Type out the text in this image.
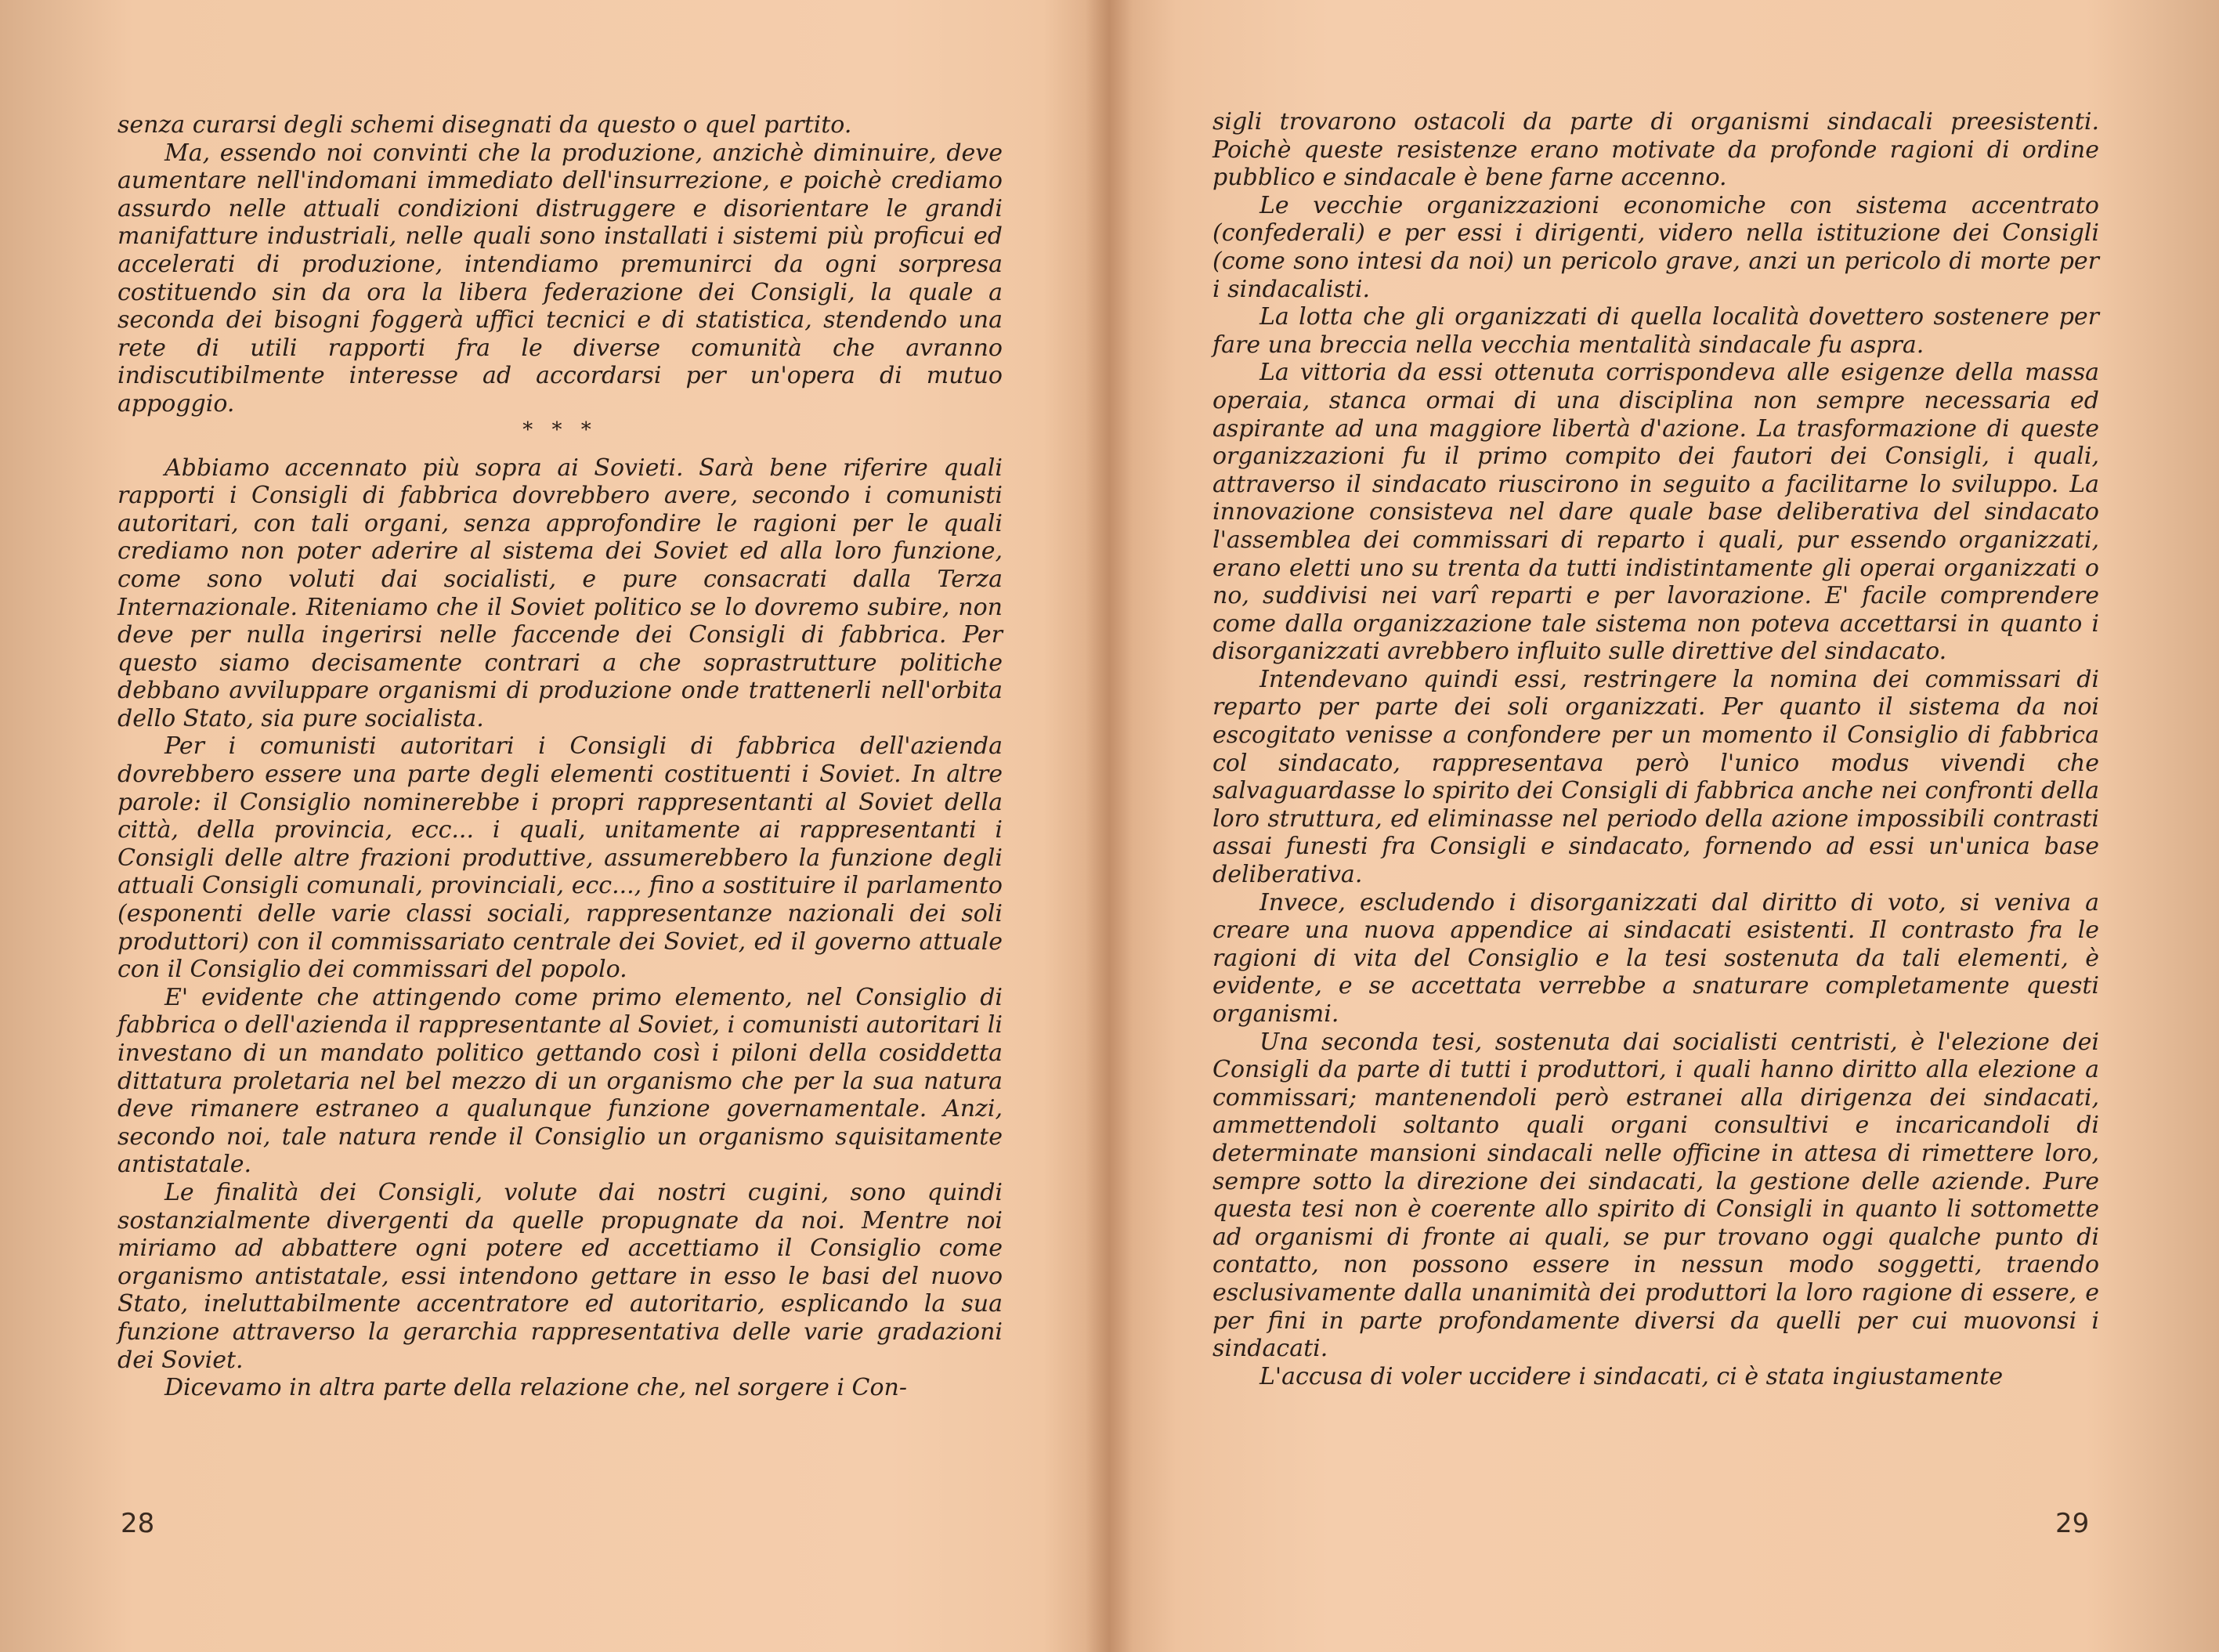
senza curarsi degli schemi disegnati da questo o quel partito.

Ma, essendo noi convinti che la produzione, anzichè diminuire, deve aumentare nell'indomani immediato dell'insurrezione, e poichè crediamo assurdo nelle attuali condizioni distruggere e disorientare le grandi manifatture industriali, nelle quali sono installati i sistemi più proficui ed accelerati di produzione, intendiamo premunirci da ogni sorpresa costituendo sin da ora la libera federazione dei Consigli, la quale a seconda dei bisogni foggerà uffici tecnici e di statistica, stendendo una rete di utili rapporti fra le diverse comunità che avranno indiscutibilmente interesse ad accordarsi per un'opera di mutuo appoggio.

* * *

Abbiamo accennato più sopra ai Sovieti. Sarà bene riferire quali rapporti i Consigli di fabbrica dovrebbero avere, secondo i comunisti autoritari, con tali organi, senza approfondire le ragioni per le quali crediamo non poter aderire al sistema dei Soviet ed alla loro funzione, come sono voluti dai socialisti, e pure consacrati dalla Terza Internazionale. Riteniamo che il Soviet politico se lo dovremo subire, non deve per nulla ingerirsi nelle faccende dei Consigli di fabbrica. Per questo siamo decisamente contrari a che soprastrutture politiche debbano avviluppare organismi di produzione onde trattenerli nell'orbita dello Stato, sia pure socialista.

Per i comunisti autoritari i Consigli di fabbrica dell'azienda dovrebbero essere una parte degli elementi costituenti i Soviet. In altre parole: il Consiglio nominerebbe i propri rappresentanti al Soviet della città, della provincia, ecc... i quali, unitamente ai rappresentanti i Consigli delle altre frazioni produttive, assumerebbero la funzione degli attuali Consigli comunali, provinciali, ecc..., fino a sostituire il parlamento (esponenti delle varie classi sociali, rappresentanze nazionali dei soli produttori) con il commissariato centrale dei Soviet, ed il governo attuale con il Consiglio dei commissari del popolo.

E' evidente che attingendo come primo elemento, nel Consiglio di fabbrica o dell'azienda il rappresentante al Soviet, i comunisti autoritari li investano di un mandato politico gettando così i piloni della cosiddetta dittatura proletaria nel bel mezzo di un organismo che per la sua natura deve rimanere estraneo a qualunque funzione governamentale. Anzi, secondo noi, tale natura rende il Consiglio un organismo squisitamente antistatale.

Le finalità dei Consigli, volute dai nostri cugini, sono quindi sostanzialmente divergenti da quelle propugnate da noi. Mentre noi miriamo ad abbattere ogni potere ed accettiamo il Consiglio come organismo antistatale, essi intendono gettare in esso le basi del nuovo Stato, ineluttabilmente accentratore ed autoritario, esplicando la sua funzione attraverso la gerarchia rappresentativa delle varie gradazioni dei Soviet.

Dicevamo in altra parte della relazione che, nel sorgere i Con-

28

sigli trovarono ostacoli da parte di organismi sindacali preesistenti. Poichè queste resistenze erano motivate da profonde ragioni di ordine pubblico e sindacale è bene farne accenno.

Le vecchie organizzazioni economiche con sistema accentrato (confederali) e per essi i dirigenti, videro nella istituzione dei Consigli (come sono intesi da noi) un pericolo grave, anzi un pericolo di morte per i sindacalisti.

La lotta che gli organizzati di quella località dovettero sostenere per fare una breccia nella vecchia mentalità sindacale fu aspra.

La vittoria da essi ottenuta corrispondeva alle esigenze della massa operaia, stanca ormai di una disciplina non sempre necessaria ed aspirante ad una maggiore libertà d'azione. La trasformazione di queste organizzazioni fu il primo compito dei fautori dei Consigli, i quali, attraverso il sindacato riuscirono in seguito a facilitarne lo sviluppo. La innovazione consisteva nel dare quale base deliberativa del sindacato l'assemblea dei commissari di reparto i quali, pur essendo organizzati, erano eletti uno su trenta da tutti indistintamente gli operai organizzati o no, suddivisi nei varî reparti e per lavorazione. E' facile comprendere come dalla organizzazione tale sistema non poteva accettarsi in quanto i disorganizzati avrebbero influito sulle direttive del sindacato.

Intendevano quindi essi, restringere la nomina dei commissari di reparto per parte dei soli organizzati. Per quanto il sistema da noi escogitato venisse a confondere per un momento il Consiglio di fabbrica col sindacato, rappresentava però l'unico modus vivendi che salvaguardasse lo spirito dei Consigli di fabbrica anche nei confronti della loro struttura, ed eliminasse nel periodo della azione impossibili contrasti assai funesti fra Consigli e sindacato, fornendo ad essi un'unica base deliberativa.

Invece, escludendo i disorganizzati dal diritto di voto, si veniva a creare una nuova appendice ai sindacati esistenti. Il contrasto fra le ragioni di vita del Consiglio e la tesi sostenuta da tali elementi, è evidente, e se accettata verrebbe a snaturare completamente questi organismi.

Una seconda tesi, sostenuta dai socialisti centristi, è l'elezione dei Consigli da parte di tutti i produttori, i quali hanno diritto alla elezione a commissari; mantenendoli però estranei alla dirigenza dei sindacati, ammettendoli soltanto quali organi consultivi e incaricandoli di determinate mansioni sindacali nelle officine in attesa di rimettere loro, sempre sotto la direzione dei sindacati, la gestione delle aziende. Pure questa tesi non è coerente allo spirito di Consigli in quanto li sottomette ad organismi di fronte ai quali, se pur trovano oggi qualche punto di contatto, non possono essere in nessun modo soggetti, traendo esclusivamente dalla unanimità dei produttori la loro ragione di essere, e per fini in parte profondamente diversi da quelli per cui muovonsi i sindacati.

L'accusa di voler uccidere i sindacati, ci è stata ingiustamente

29
